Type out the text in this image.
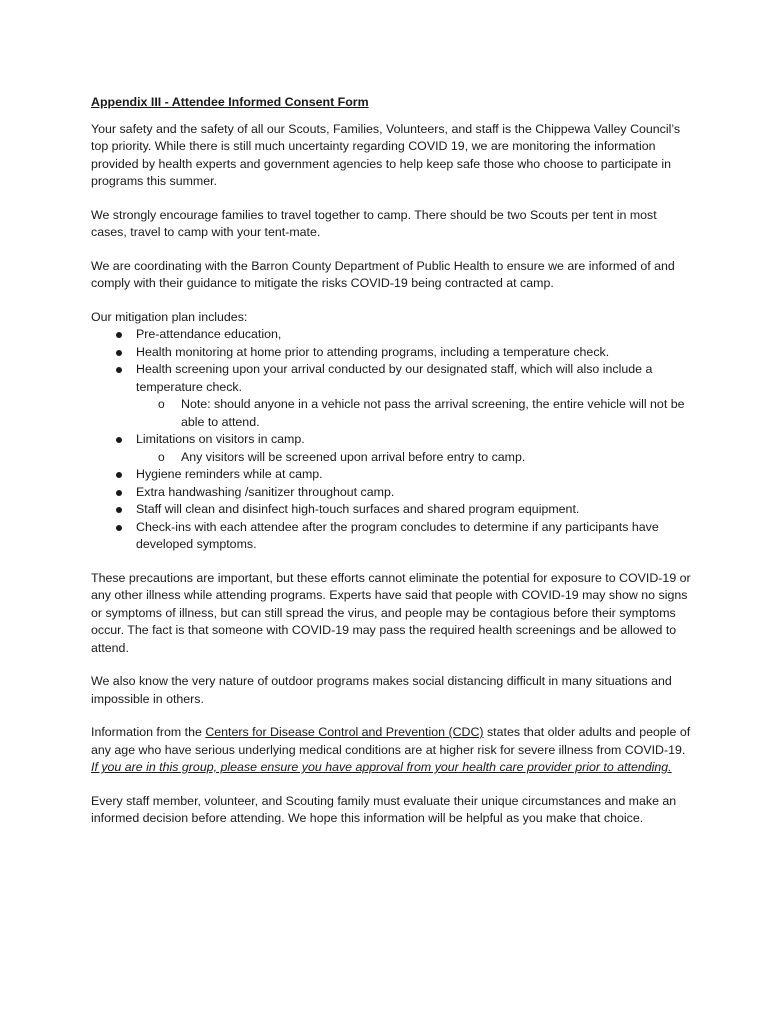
Appendix III - Attendee Informed Consent Form

Your safety and the safety of all our Scouts, Families, Volunteers, and staff is the Chippewa Valley Council’s top priority. While there is still much uncertainty regarding COVID 19, we are monitoring the information provided by health experts and government agencies to help keep safe those who choose to participate in programs this summer.

We strongly encourage families to travel together to camp. There should be two Scouts per tent in most cases, travel to camp with your tent-mate.

We are coordinating with the Barron County Department of Public Health to ensure we are informed of and comply with their guidance to mitigate the risks COVID-19 being contracted at camp.

Our mitigation plan includes:
Pre-attendance education,
Health monitoring at home prior to attending programs, including a temperature check.
Health screening upon your arrival conducted by our designated staff, which will also include a temperature check.
o Note: should anyone in a vehicle not pass the arrival screening, the entire vehicle will not be able to attend.
Limitations on visitors in camp.
o Any visitors will be screened upon arrival before entry to camp.
Hygiene reminders while at camp.
Extra handwashing /sanitizer throughout camp.
Staff will clean and disinfect high-touch surfaces and shared program equipment.
Check-ins with each attendee after the program concludes to determine if any participants have developed symptoms.

These precautions are important, but these efforts cannot eliminate the potential for exposure to COVID-19 or any other illness while attending programs. Experts have said that people with COVID-19 may show no signs or symptoms of illness, but can still spread the virus, and people may be contagious before their symptoms occur. The fact is that someone with COVID-19 may pass the required health screenings and be allowed to attend.

We also know the very nature of outdoor programs makes social distancing difficult in many situations and impossible in others.

Information from the Centers for Disease Control and Prevention (CDC) states that older adults and people of any age who have serious underlying medical conditions are at higher risk for severe illness from COVID-19. If you are in this group, please ensure you have approval from your health care provider prior to attending.

Every staff member, volunteer, and Scouting family must evaluate their unique circumstances and make an informed decision before attending. We hope this information will be helpful as you make that choice.
